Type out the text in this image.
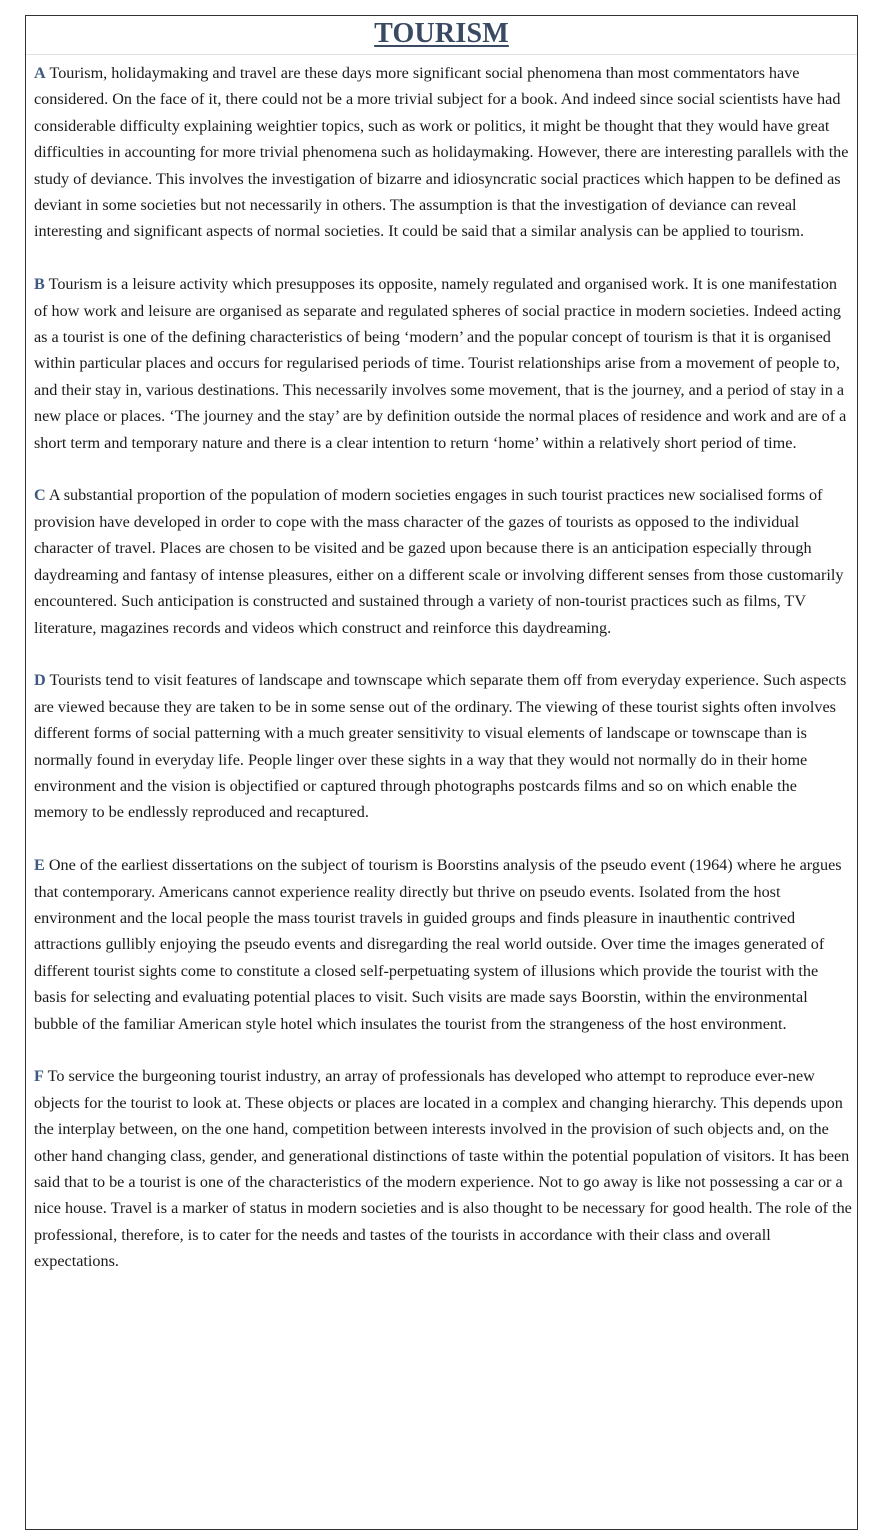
TOURISM

A Tourism, holidaymaking and travel are these days more significant social phenomena than most commentators have considered. On the face of it, there could not be a more trivial subject for a book. And indeed since social scientists have had considerable difficulty explaining weightier topics, such as work or politics, it might be thought that they would have great difficulties in accounting for more trivial phenomena such as holidaymaking. However, there are interesting parallels with the study of deviance. This involves the investigation of bizarre and idiosyncratic social practices which happen to be defined as deviant in some societies but not necessarily in others. The assumption is that the investigation of deviance can reveal interesting and significant aspects of normal societies. It could be said that a similar analysis can be applied to tourism.

B Tourism is a leisure activity which presupposes its opposite, namely regulated and organised work. It is one manifestation of how work and leisure are organised as separate and regulated spheres of social practice in modern societies. Indeed acting as a tourist is one of the defining characteristics of being ‘modern’ and the popular concept of tourism is that it is organised within particular places and occurs for regularised periods of time. Tourist relationships arise from a movement of people to, and their stay in, various destinations. This necessarily involves some movement, that is the journey, and a period of stay in a new place or places. ‘The journey and the stay’ are by definition outside the normal places of residence and work and are of a short term and temporary nature and there is a clear intention to return ‘home’ within a relatively short period of time.

C A substantial proportion of the population of modern societies engages in such tourist practices new socialised forms of provision have developed in order to cope with the mass character of the gazes of tourists as opposed to the individual character of travel. Places are chosen to be visited and be gazed upon because there is an anticipation especially through daydreaming and fantasy of intense pleasures, either on a different scale or involving different senses from those customarily encountered. Such anticipation is constructed and sustained through a variety of non-tourist practices such as films, TV literature, magazines records and videos which construct and reinforce this daydreaming.

D Tourists tend to visit features of landscape and townscape which separate them off from everyday experience. Such aspects are viewed because they are taken to be in some sense out of the ordinary. The viewing of these tourist sights often involves different forms of social patterning with a much greater sensitivity to visual elements of landscape or townscape than is normally found in everyday life. People linger over these sights in a way that they would not normally do in their home environment and the vision is objectified or captured through photographs postcards films and so on which enable the memory to be endlessly reproduced and recaptured.

E One of the earliest dissertations on the subject of tourism is Boorstins analysis of the pseudo event (1964) where he argues that contemporary. Americans cannot experience reality directly but thrive on pseudo events. Isolated from the host environment and the local people the mass tourist travels in guided groups and finds pleasure in inauthentic contrived attractions gullibly enjoying the pseudo events and disregarding the real world outside. Over time the images generated of different tourist sights come to constitute a closed self-perpetuating system of illusions which provide the tourist with the basis for selecting and evaluating potential places to visit. Such visits are made says Boorstin, within the environmental bubble of the familiar American style hotel which insulates the tourist from the strangeness of the host environment.

F To service the burgeoning tourist industry, an array of professionals has developed who attempt to reproduce ever-new objects for the tourist to look at. These objects or places are located in a complex and changing hierarchy. This depends upon the interplay between, on the one hand, competition between interests involved in the provision of such objects and, on the other hand changing class, gender, and generational distinctions of taste within the potential population of visitors. It has been said that to be a tourist is one of the characteristics of the modern experience. Not to go away is like not possessing a car or a nice house. Travel is a marker of status in modern societies and is also thought to be necessary for good health. The role of the professional, therefore, is to cater for the needs and tastes of the tourists in accordance with their class and overall expectations.
